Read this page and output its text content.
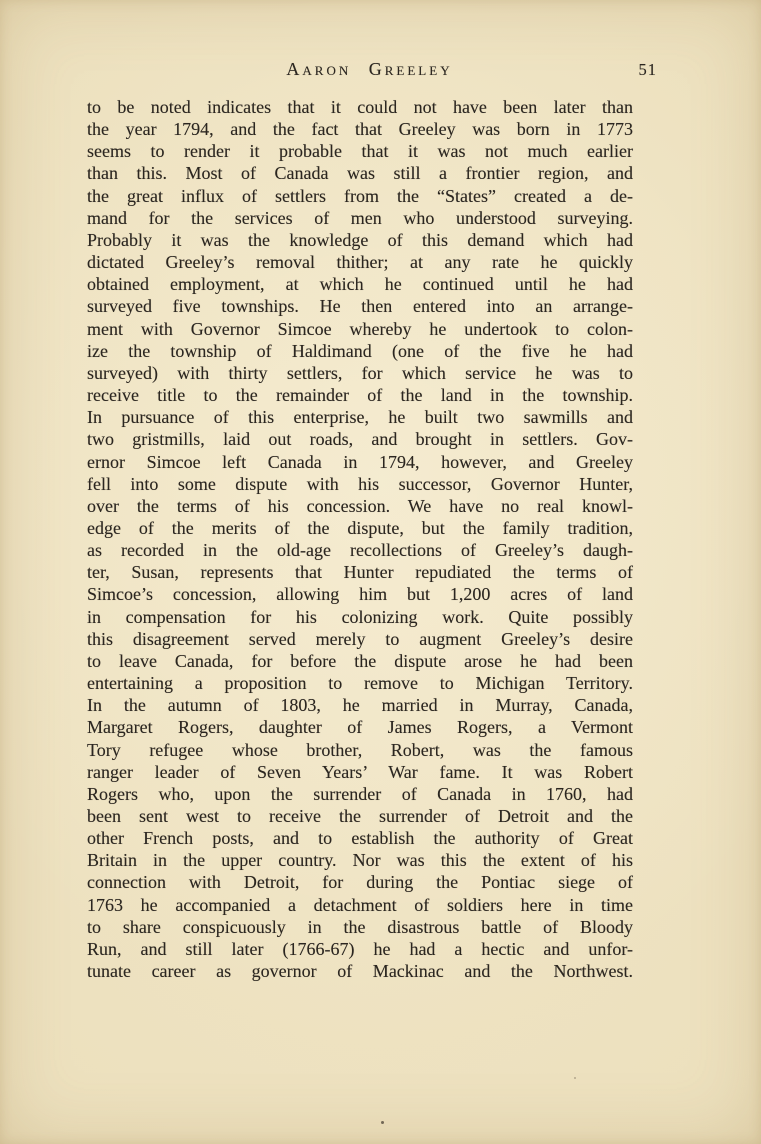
Aaron Greeley	51
to be noted indicates that it could not have been later than
the year 1794, and the fact that Greeley was born in 1773
seems to render it probable that it was not much earlier
than this. Most of Canada was still a frontier region, and
the great influx of settlers from the “States” created a de-
mand for the services of men who understood surveying.
Probably it was the knowledge of this demand which had
dictated Greeley’s removal thither; at any rate he quickly
obtained employment, at which he continued until he had
surveyed five townships. He then entered into an arrange-
ment with Governor Simcoe whereby he undertook to colon-
ize the township of Haldimand (one of the five he had
surveyed) with thirty settlers, for which service he was to
receive title to the remainder of the land in the township.
In pursuance of this enterprise, he built two sawmills and
two gristmills, laid out roads, and brought in settlers. Gov-
ernor Simcoe left Canada in 1794, however, and Greeley
fell into some dispute with his successor, Governor Hunter,
over the terms of his concession. We have no real knowl-
edge of the merits of the dispute, but the family tradition,
as recorded in the old-age recollections of Greeley’s daugh-
ter, Susan, represents that Hunter repudiated the terms of
Simcoe’s concession, allowing him but 1,200 acres of land
in compensation for his colonizing work. Quite possibly
this disagreement served merely to augment Greeley’s desire
to leave Canada, for before the dispute arose he had been
entertaining a proposition to remove to Michigan Territory.
In the autumn of 1803, he married in Murray, Canada,
Margaret Rogers, daughter of James Rogers, a Vermont
Tory refugee whose brother, Robert, was the famous
ranger leader of Seven Years’ War fame. It was Robert
Rogers who, upon the surrender of Canada in 1760, had
been sent west to receive the surrender of Detroit and the
other French posts, and to establish the authority of Great
Britain in the upper country. Nor was this the extent of his
connection with Detroit, for during the Pontiac siege of
1763 he accompanied a detachment of soldiers here in time
to share conspicuously in the disastrous battle of Bloody
Run, and still later (1766-67) he had a hectic and unfor-
tunate career as governor of Mackinac and the Northwest.
